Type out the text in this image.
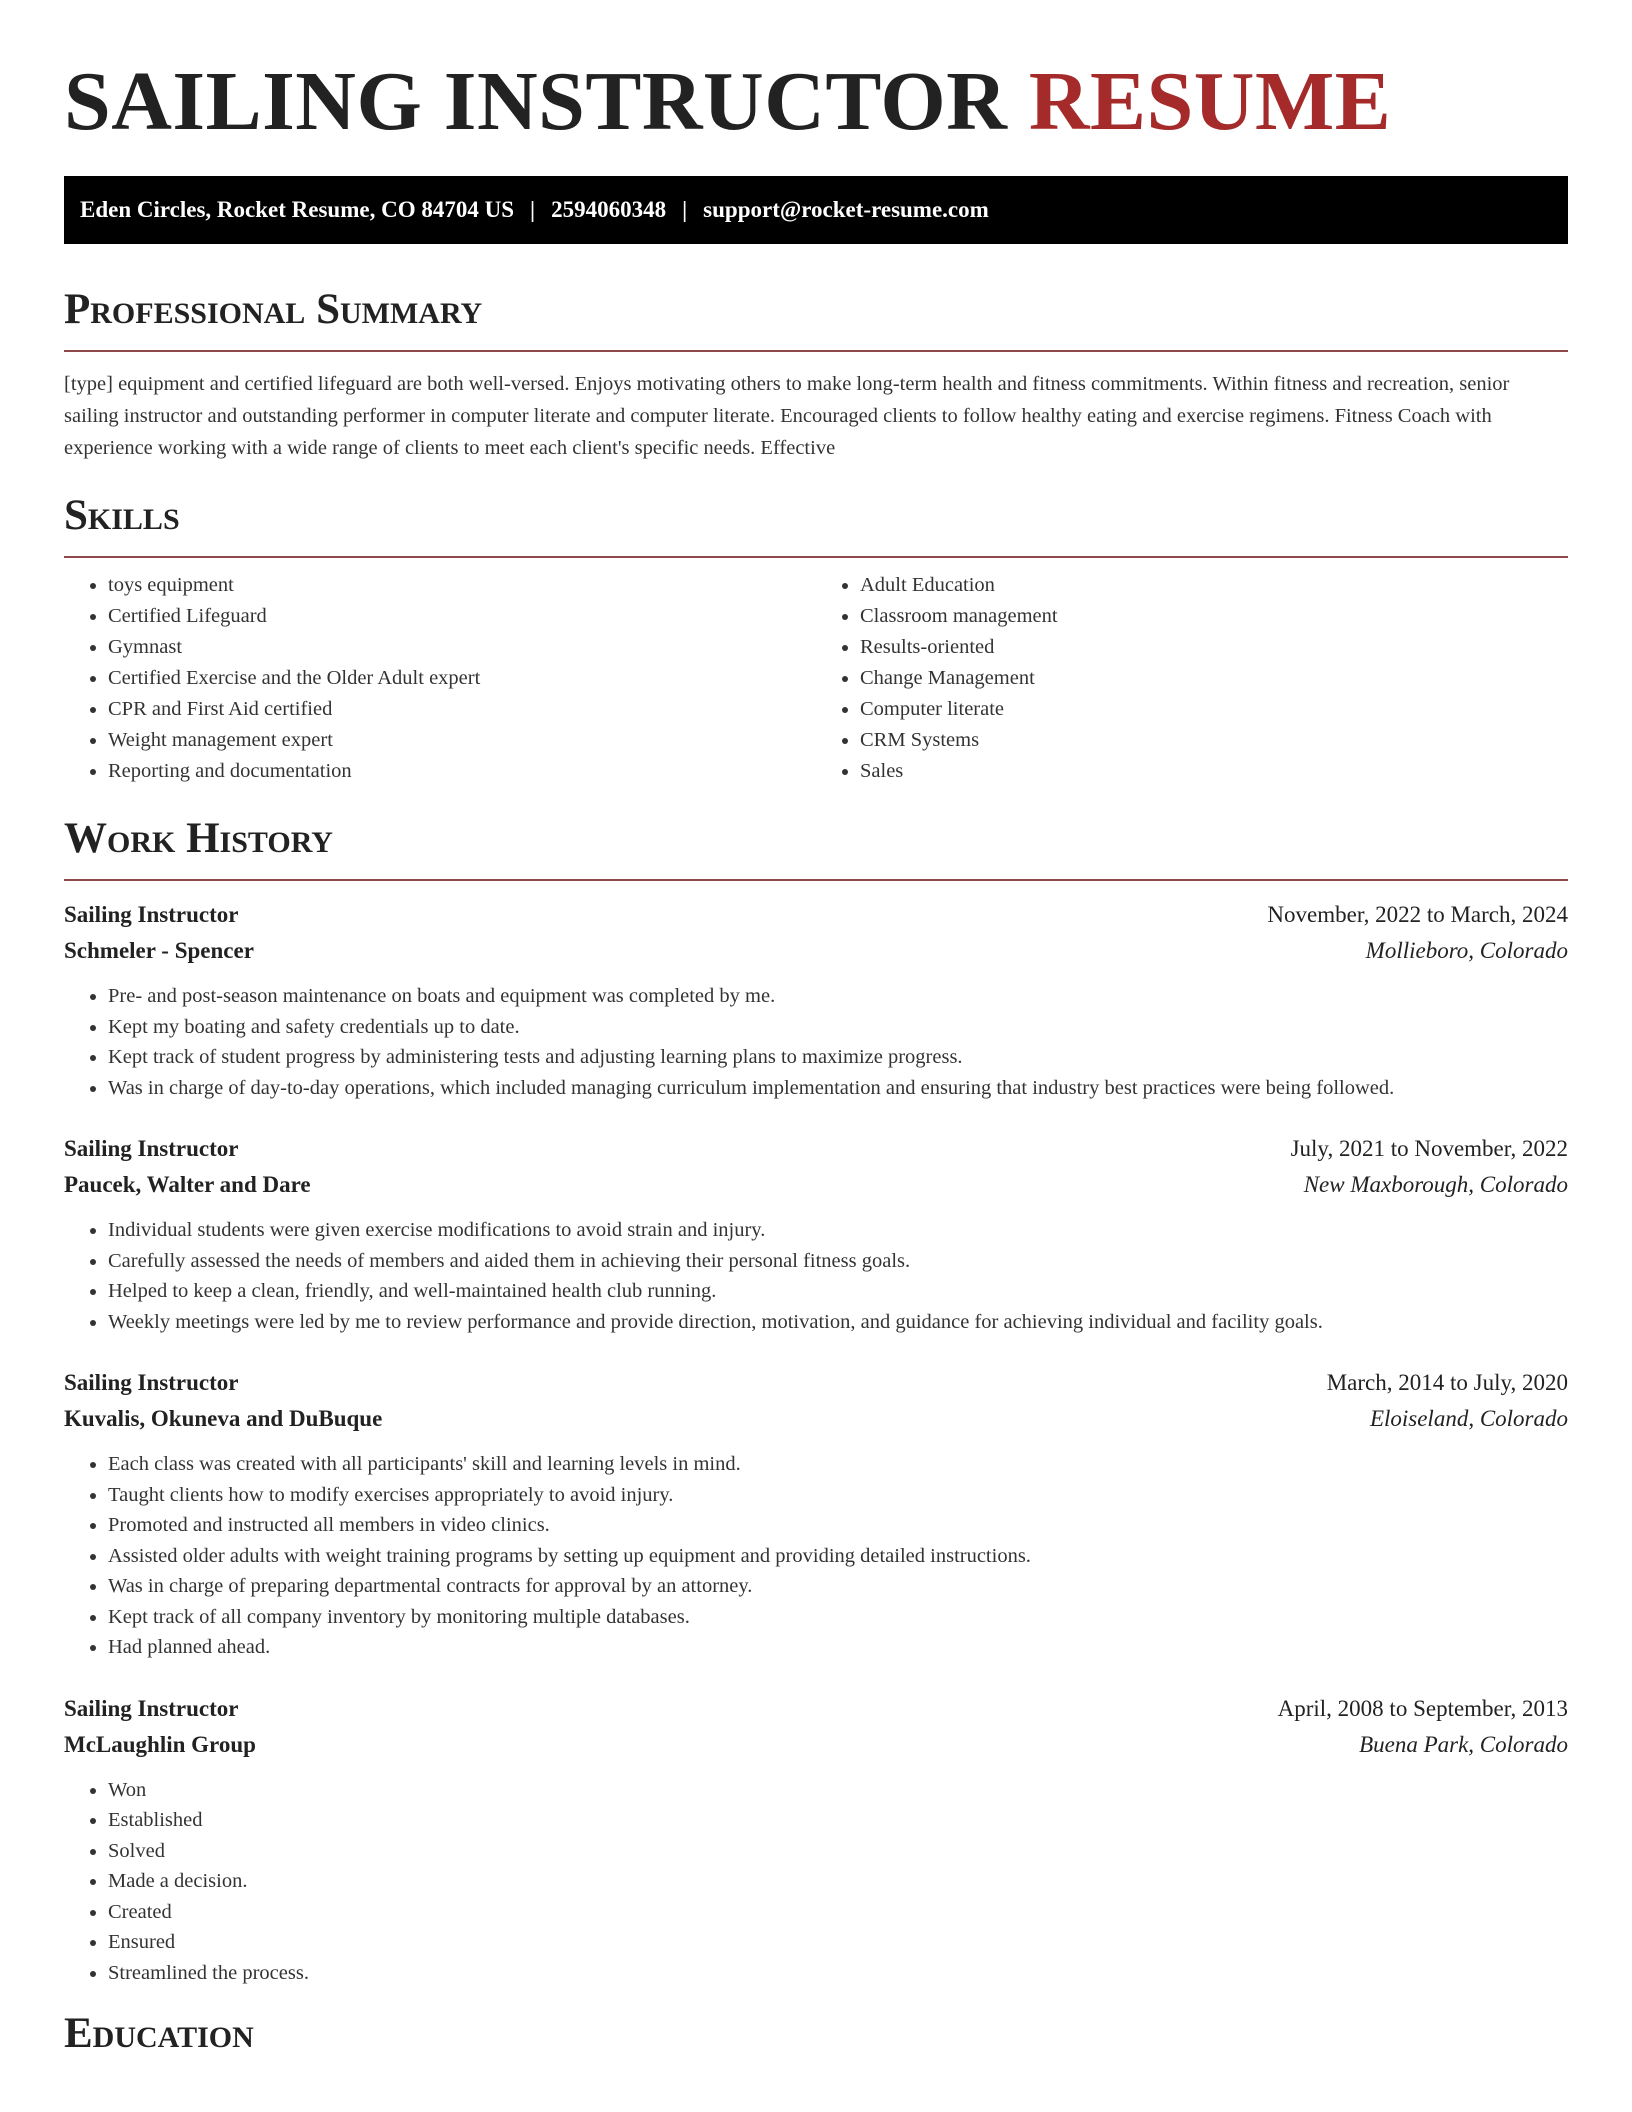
SAILING INSTRUCTOR RESUME
Eden Circles, Rocket Resume, CO 84704 US | 2594060348 | support@rocket-resume.com
Professional Summary

[type] equipment and certified lifeguard are both well-versed. Enjoys motivating others to make long-term health and fitness commitments. Within fitness and recreation, senior sailing instructor and outstanding performer in computer literate and computer literate. Encouraged clients to follow healthy eating and exercise regimens. Fitness Coach with experience working with a wide range of clients to meet each client's specific needs. Effective

Skills
• toys equipment
• Certified Lifeguard
• Gymnast
• Certified Exercise and the Older Adult expert
• CPR and First Aid certified
• Weight management expert
• Reporting and documentation
• Adult Education
• Classroom management
• Results-oriented
• Change Management
• Computer literate
• CRM Systems
• Sales
Work History
Sailing Instructor	November, 2022 to March, 2024
Schmeler - Spencer	Mollieboro, Colorado
• Pre- and post-season maintenance on boats and equipment was completed by me.
• Kept my boating and safety credentials up to date.
• Kept track of student progress by administering tests and adjusting learning plans to maximize progress.
• Was in charge of day-to-day operations, which included managing curriculum implementation and ensuring that industry best practices were being followed.
Sailing Instructor	July, 2021 to November, 2022
Paucek, Walter and Dare	New Maxborough, Colorado
• Individual students were given exercise modifications to avoid strain and injury.
• Carefully assessed the needs of members and aided them in achieving their personal fitness goals.
• Helped to keep a clean, friendly, and well-maintained health club running.
• Weekly meetings were led by me to review performance and provide direction, motivation, and guidance for achieving individual and facility goals.
Sailing Instructor	March, 2014 to July, 2020
Kuvalis, Okuneva and DuBuque	Eloiseland, Colorado
• Each class was created with all participants' skill and learning levels in mind.
• Taught clients how to modify exercises appropriately to avoid injury.
• Promoted and instructed all members in video clinics.
• Assisted older adults with weight training programs by setting up equipment and providing detailed instructions.
• Was in charge of preparing departmental contracts for approval by an attorney.
• Kept track of all company inventory by monitoring multiple databases.
• Had planned ahead.
Sailing Instructor	April, 2008 to September, 2013
McLaughlin Group	Buena Park, Colorado
• Won
• Established
• Solved
• Made a decision.
• Created
• Ensured
• Streamlined the process.
Education
